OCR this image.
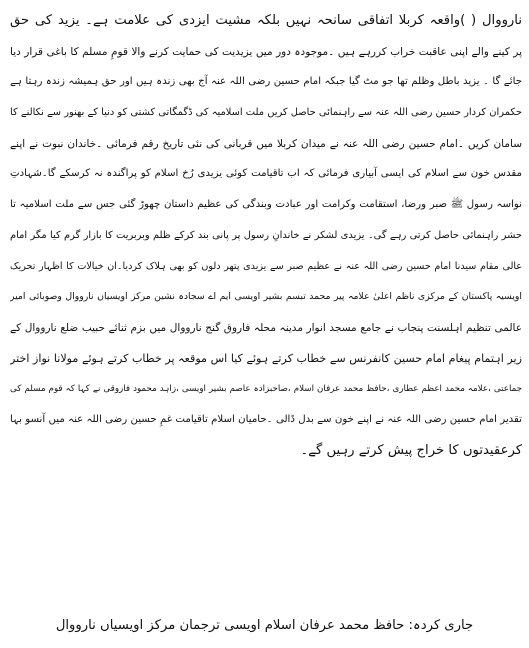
نارووال ( )واقعہ کربلا اتفاقی سانحہ نہیں بلکہ مشیت ایزدی کی علامت ہے۔ یزید کی حق
پر کینے والے اپنی عاقبت خراب کررہے ہیں ۔موجودہ دور میں یزیدیت کی حمایت کرنے والا قومِ مسلم کا باغی قرار دیا
جائے گا ۔ یزید باطل وظلم تھا جو مٹ گیا جبکہ امام حسین رضی اللہ عنہ آج بھی زندہ ہیں اور حق ہمیشہ زندہ رہتا ہے
حکمران کردار حسین رضی اللہ عنہ سے راہنمائی حاصل کریں ملت اسلامیہ کی ڈگمگاتی کشتی کو دنیا کے بھنور سے نکالنے کا
سامان کریں ۔امام حسین رضی اللہ عنہ نے میدان کربلا میں قربانی کی نئی تاریخ رقم فرمائی ۔خاندان نبوت نے اپنے
مقدس خون سے اسلام کی ایسی آبیاری فرمائی کہ اب تاقیامت کوئی یزیدی رُخ اسلام کو پراگندہ نہ کرسکے گا۔شہادتِ
نواسہ رسول ﷺ صبر ورضا، استقامت وکرامت اور عبادت وبندگی کی عظیم داستان چھوڑ گئی جس سے ملت اسلامیہ تا
حشر راہنمائی حاصل کرتی رہے گی۔ یزیدی لشکر نے خاندانِ رسول پر پانی بند کرکے ظلم وبربریت کا بازار گرم کیا مگر امام
عالی مقام سیدنا امام حسین رضی اللہ عنہ نے عظیم صبر سے یزیدی پتھر دلوں کو بھی ہلاک کردیا۔ان خیالات کا اظہار تحریک
اویسیہ پاکستان کے مرکزی ناظم اعلیٰ علامہ پیر محمد تبسم بشیر اویسی ایم اے سجادہ نشین مرکز اویسیاں نارووال وصوبائی امیر
عالمی تنظیم اہلسنت پنجاب نے جامع مسجد انوار مدینہ محلہ فاروق گنج نارووال میں بزم ثنائے حبیب ضلع نارووال کے
زیر اہتمام پیغام امام حسین کانفرنس سے خطاب کرتے ہوئے کیا اس موقعہ پر خطاب کرتے ہوئے مولانا نواز اختر
جماعتی ،علامہ محمد اعظم عطاری ،حافظ محمد عرفان اسلام ،صاحبزادہ عاصم بشیر اویسی ،زاہد محمود فاروقی نے کہا کہ قوم مسلم کی
تقدیر امام حسین رضی اللہ عنہ نے اپنے خون سے بدل ڈالی ۔حامیان اسلام تاقیامت غمِ حسین رضی اللہ عنہ میں آنسو بہا
کرعقیدتوں کا خراج پیش کرتے رہیں گے۔
جاری کردہ: حافظ محمد عرفان اسلام اویسی ترجمان مرکز اویسیاں نارووال
